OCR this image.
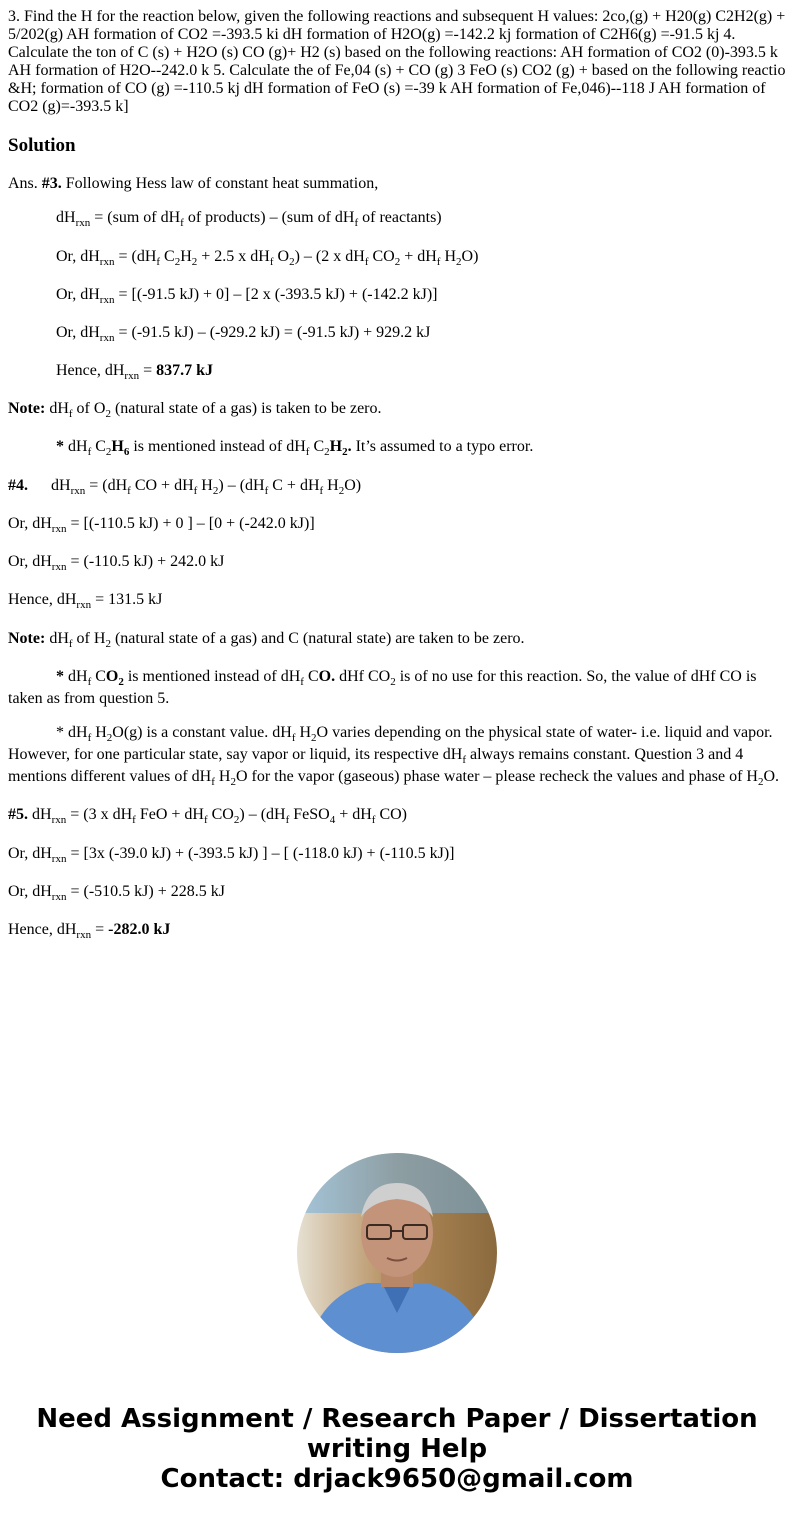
3. Find the H for the reaction below, given the following reactions and subsequent H values: 2co,(g) + H20(g) C2H2(g) +
5/202(g) AH formation of CO2 =-393.5 ki dH formation of H2O(g) =-142.2 kj formation of C2H6(g) =-91.5 kj 4.
Calculate the ton of C (s) + H2O (s) CO (g)+ H2 (s) based on the following reactions: AH formation of CO2 (0)-393.5 k
AH formation of H2O--242.0 k 5. Calculate the of Fe,04 (s) + CO (g) 3 FeO (s) CO2 (g) + based on the following reactio
&H; formation of CO (g) =-110.5 kj dH formation of FeO (s) =-39 k AH formation of Fe,046)--118 J AH formation of
CO2 (g)=-393.5 k]
Solution

Ans. #3. Following Hess law of constant heat summation,

$dH_{rxn} = (sum$ of $dH_f$ of products) – (sum of $dH_f$ of reactants)

Or, $dH_{rxn} = (dH_f$ $C_2H_2 + 2.5$ x $dH_f$ $O_2) - (2$ x $dH_f$ $CO_2 + dH_f$ $H_2O$)

Or, $dH_{rxn} = [(-91.5$ kJ) + 0] – [2 x (-393.5 kJ) + (-142.2 kJ)]

Or, $dH_{rxn} = (-91.5$ kJ) – (-929.2 kJ) = (-91.5 kJ) + 929.2 kJ

Hence, $dH_{rxn} = 837.7$ kJ

Note: $dH_f$ of $O_2$ (natural state of a gas) is taken to be zero.

* $dH_f$ $C_2H_6$ is mentioned instead of $dH_f$ $C_2H_2$. It’s assumed to a typo error.

#4. $dH_{rxn} = (dH_f$ CO + $dH_f$ $H_2) - (dH_f$ $C + dH_f$ $H_2O$)

Or, $dH_{rxn} = [(-110.5$ kJ) + 0 ] – [0 + (-242.0 kJ)]

Or, $dH_{rxn} = (-110.5$ kJ) + 242.0 kJ

Hence, $dH_{rxn} = 131.5$ kJ

Note: $dH_f$ of $H_2$ (natural state of a gas) and C (natural state) are taken to be zero.

* $dH_f$ $CO_2$ is mentioned instead of $dH_f$ CO. dHf $CO_2$ is of no use for this reaction. So, the value of dHf CO is taken as from question 5.

* $dH_f$ $H_2O(g)$ is a constant value. $dH_f$ $H_2O$ varies depending on the physical state of water- i.e. liquid and vapor. However, for one particular state, say vapor or liquid, its respective $dH_f$ always remains constant. Question 3 and 4 mentions different values of $dH_f$ $H_2O$ for the vapor (gaseous) phase water – please recheck the values and phase of $H_2O$.

#5. $dH_{rxn} = (3$ x $dH_f$ FeO + $dH_f$ $CO_2) - (dH_f$ FeSO$_4$ + $dH_f$ CO)

Or, $dH_{rxn} = [3x$ (-39.0 kJ) + (-393.5 kJ) ] – [ (-118.0 kJ) + (-110.5 kJ)]

Or, $dH_{rxn} = (-510.5$ kJ) + 228.5 kJ

Hence, $dH_{rxn} = -282.0$ kJ

Need Assignment / Research Paper / Dissertation
writing Help
Contact: drjack9650@gmail.com
